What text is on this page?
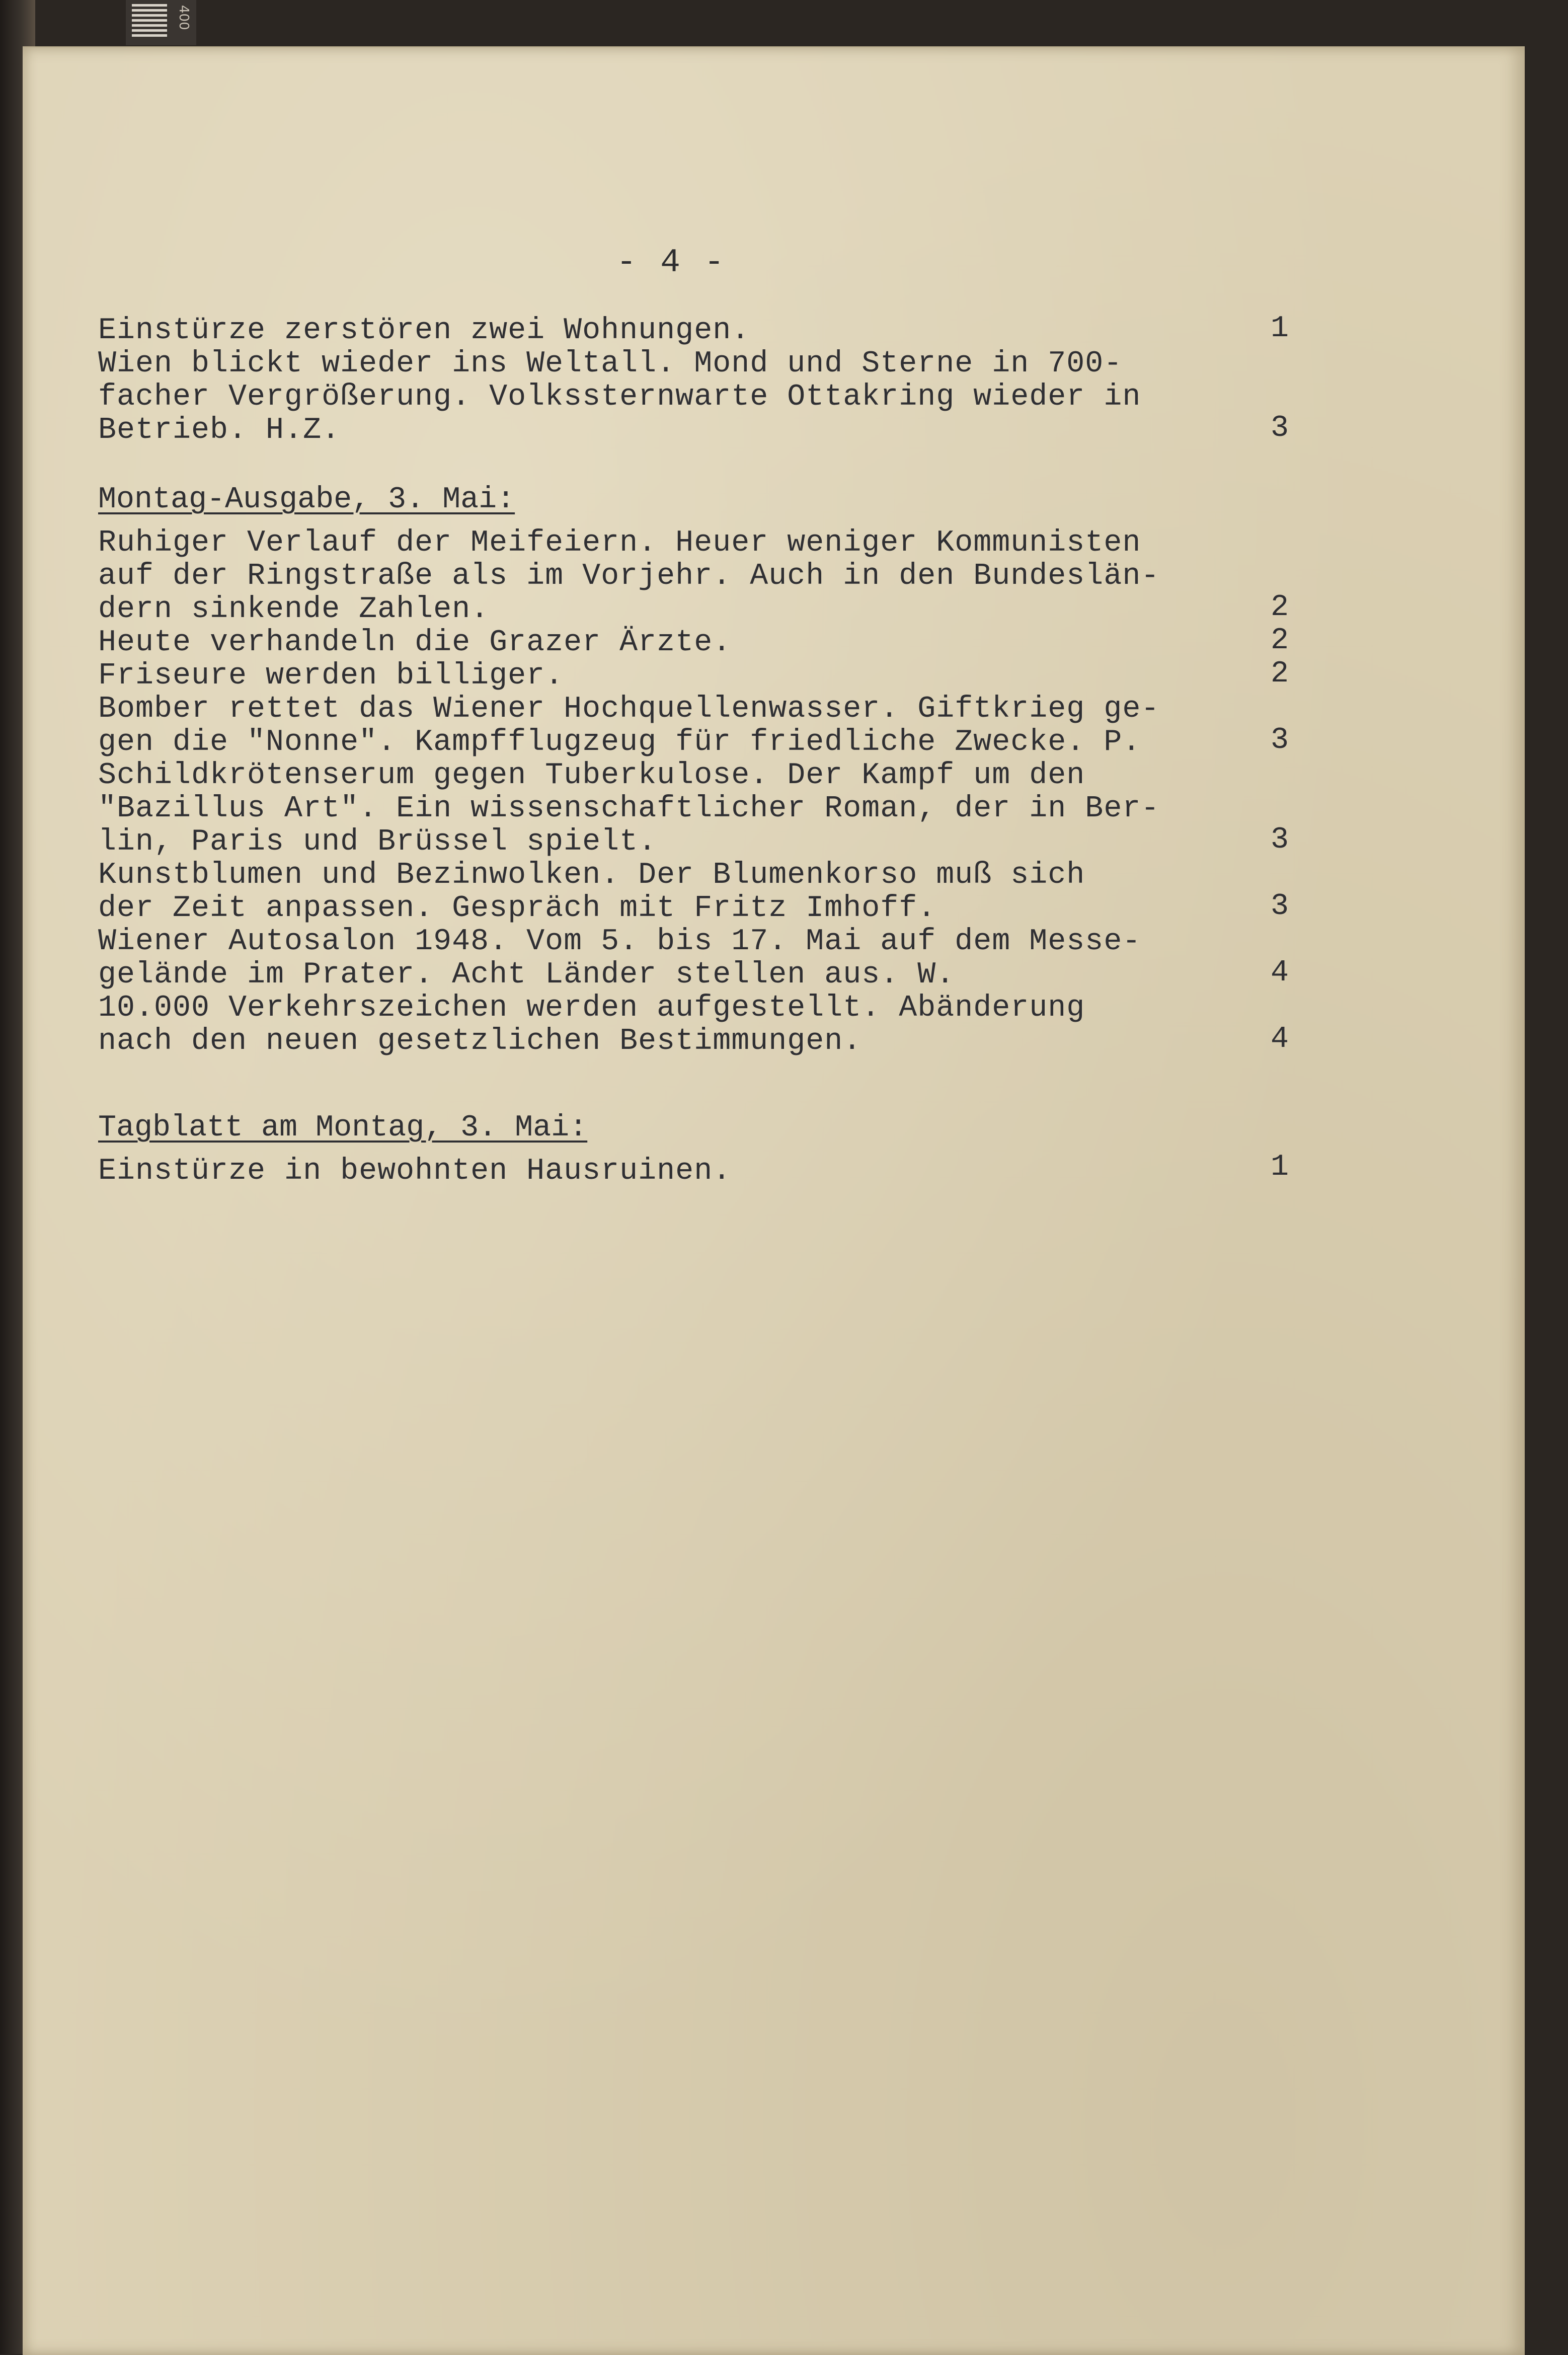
400
- 4 -
Einstürze zerstören zwei Wohnungen.
Wien blickt wieder ins Weltall. Mond und Sterne in 700-
facher Vergrößerung. Volkssternwarte Ottakring wieder in
Betrieb. H.Z.
1
3
Montag-Ausgabe, 3. Mai:
Ruhiger Verlauf der Meifeiern. Heuer weniger Kommunisten
auf der Ringstraße als im Vorjehr. Auch in den Bundeslän-
dern sinkende Zahlen.
Heute verhandeln die Grazer Ärzte.
Friseure werden billiger.
Bomber rettet das Wiener Hochquellenwasser. Giftkrieg ge-
gen die "Nonne". Kampfflugzeug für friedliche Zwecke. P.
Schildkrötenserum gegen Tuberkulose. Der Kampf um den
"Bazillus Art". Ein wissenschaftlicher Roman, der in Ber-
lin, Paris und Brüssel spielt.
Kunstblumen und Bezinwolken. Der Blumenkorso muß sich
der Zeit anpassen. Gespräch mit Fritz Imhoff.
Wiener Autosalon 1948. Vom 5. bis 17. Mai auf dem Messe-
gelände im Prater. Acht Länder stellen aus. W.
10.000 Verkehrszeichen werden aufgestellt. Abänderung
nach den neuen gesetzlichen Bestimmungen.
2
2
2
3
3
3
4
4
Tagblatt am Montag, 3. Mai:
Einstürze in bewohnten Hausruinen.	1
